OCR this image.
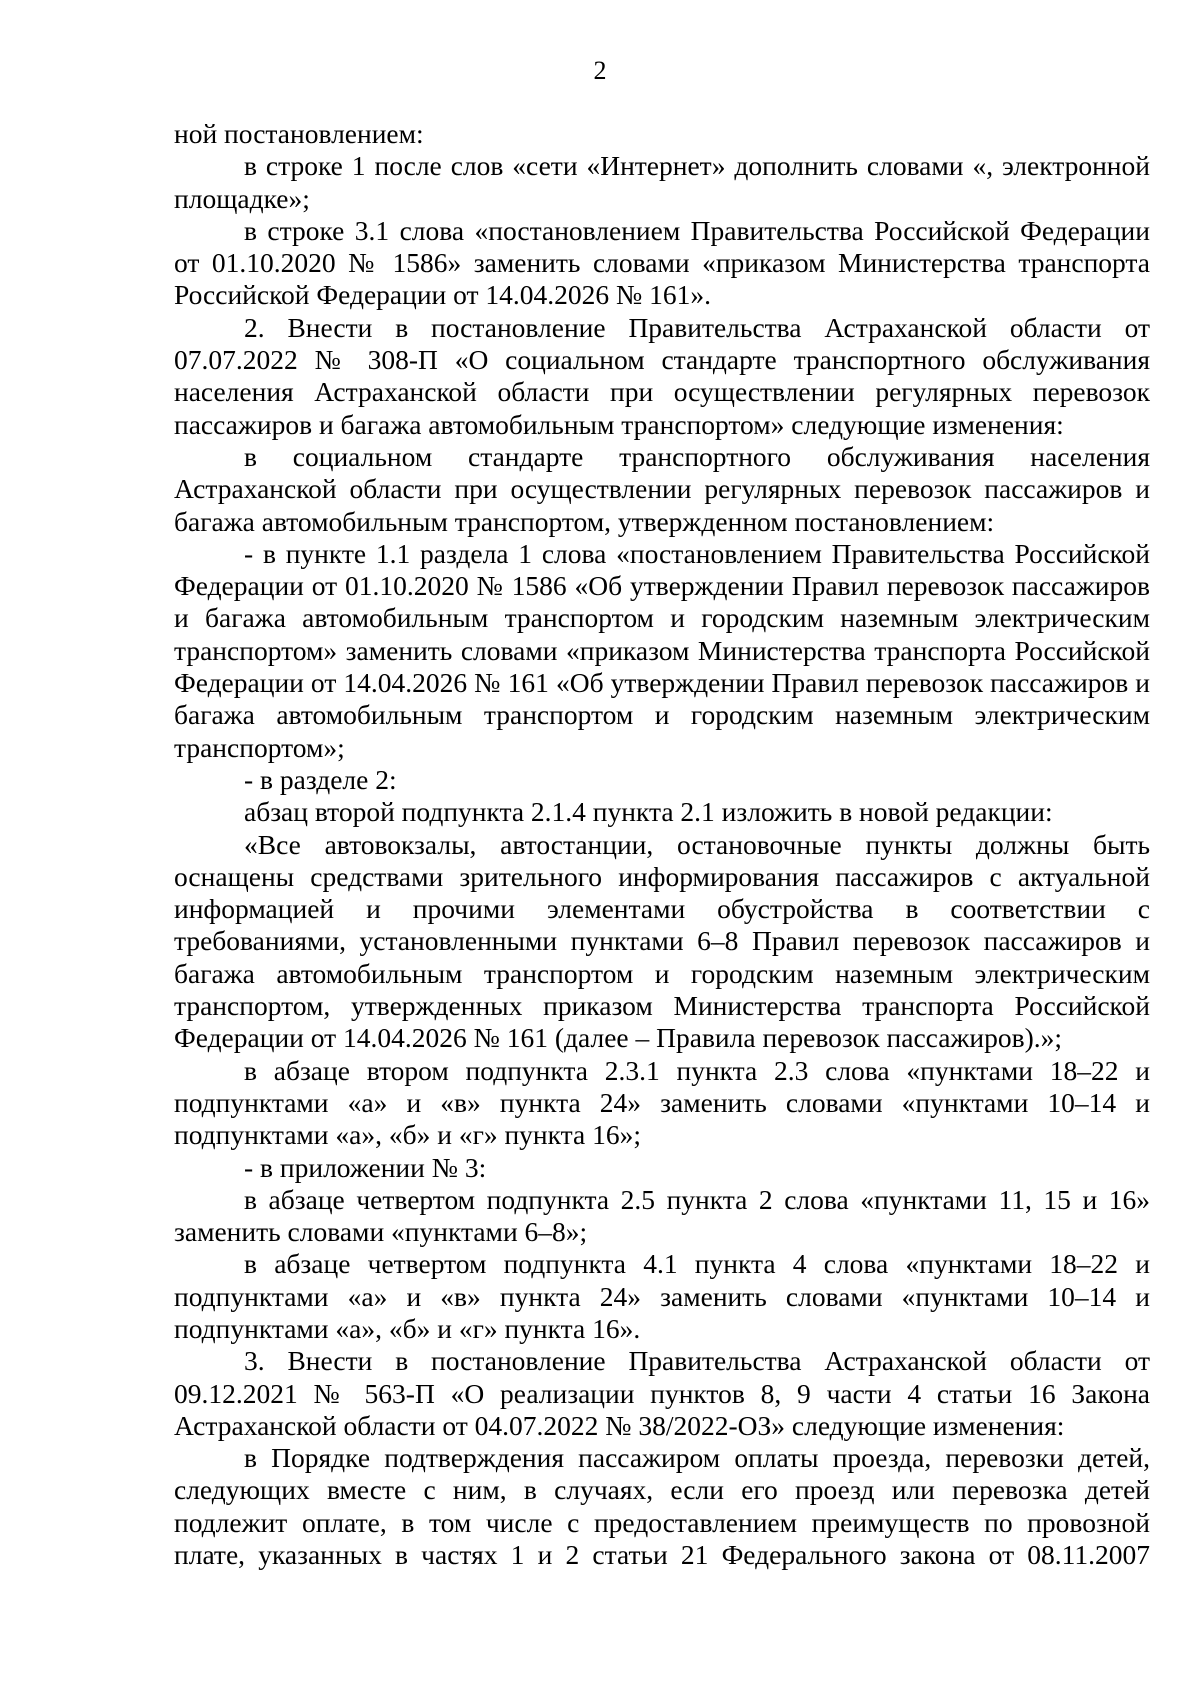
2

ной постановлением:

в строке 1 после слов «сети «Интернет» дополнить словами «, электронной площадке»;

в строке 3.1 слова «постановлением Правительства Российской Федерации от 01.10.2020 № 1586» заменить словами «приказом Министерства транспорта Российской Федерации от 14.04.2026 № 161».

2. Внести в постановление Правительства Астраханской области от 07.07.2022 № 308-П «О социальном стандарте транспортного обслуживания населения Астраханской области при осуществлении регулярных перевозок пассажиров и багажа автомобильным транспортом» следующие изменения:

в социальном стандарте транспортного обслуживания населения Астраханской области при осуществлении регулярных перевозок пассажиров и багажа автомобильным транспортом, утвержденном постановлением:

- в пункте 1.1 раздела 1 слова «постановлением Правительства Российской Федерации от 01.10.2020 № 1586 «Об утверждении Правил перевозок пассажиров и багажа автомобильным транспортом и городским наземным электрическим транспортом» заменить словами «приказом Министерства транспорта Российской Федерации от 14.04.2026 № 161 «Об утверждении Правил перевозок пассажиров и багажа автомобильным транспортом и городским наземным электрическим транспортом»;

- в разделе 2:

абзац второй подпункта 2.1.4 пункта 2.1 изложить в новой редакции:

«Все автовокзалы, автостанции, остановочные пункты должны быть оснащены средствами зрительного информирования пассажиров с актуальной информацией и прочими элементами обустройства в соответствии с требованиями, установленными пунктами 6–8 Правил перевозок пассажиров и багажа автомобильным транспортом и городским наземным электрическим транспортом, утвержденных приказом Министерства транспорта Российской Федерации от 14.04.2026 № 161 (далее – Правила перевозок пассажиров).»;

в абзаце втором подпункта 2.3.1 пункта 2.3 слова «пунктами 18–22 и подпунктами «а» и «в» пункта 24» заменить словами «пунктами 10–14 и подпунктами «а», «б» и «г» пункта 16»;

- в приложении № 3:

в абзаце четвертом подпункта 2.5 пункта 2 слова «пунктами 11, 15 и 16» заменить словами «пунктами 6–8»;

в абзаце четвертом подпункта 4.1 пункта 4 слова «пунктами 18–22 и подпунктами «а» и «в» пункта 24» заменить словами «пунктами 10–14 и подпунктами «а», «б» и «г» пункта 16».

3. Внести в постановление Правительства Астраханской области от 09.12.2021 № 563-П «О реализации пунктов 8, 9 части 4 статьи 16 Закона Астраханской области от 04.07.2022 № 38/2022-ОЗ» следующие изменения:

в Порядке подтверждения пассажиром оплаты проезда, перевозки детей, следующих вместе с ним, в случаях, если его проезд или перевозка детей подлежит оплате, в том числе с предоставлением преимуществ по провозной плате, указанных в частях 1 и 2 статьи 21 Федерального закона от 08.11.2007
